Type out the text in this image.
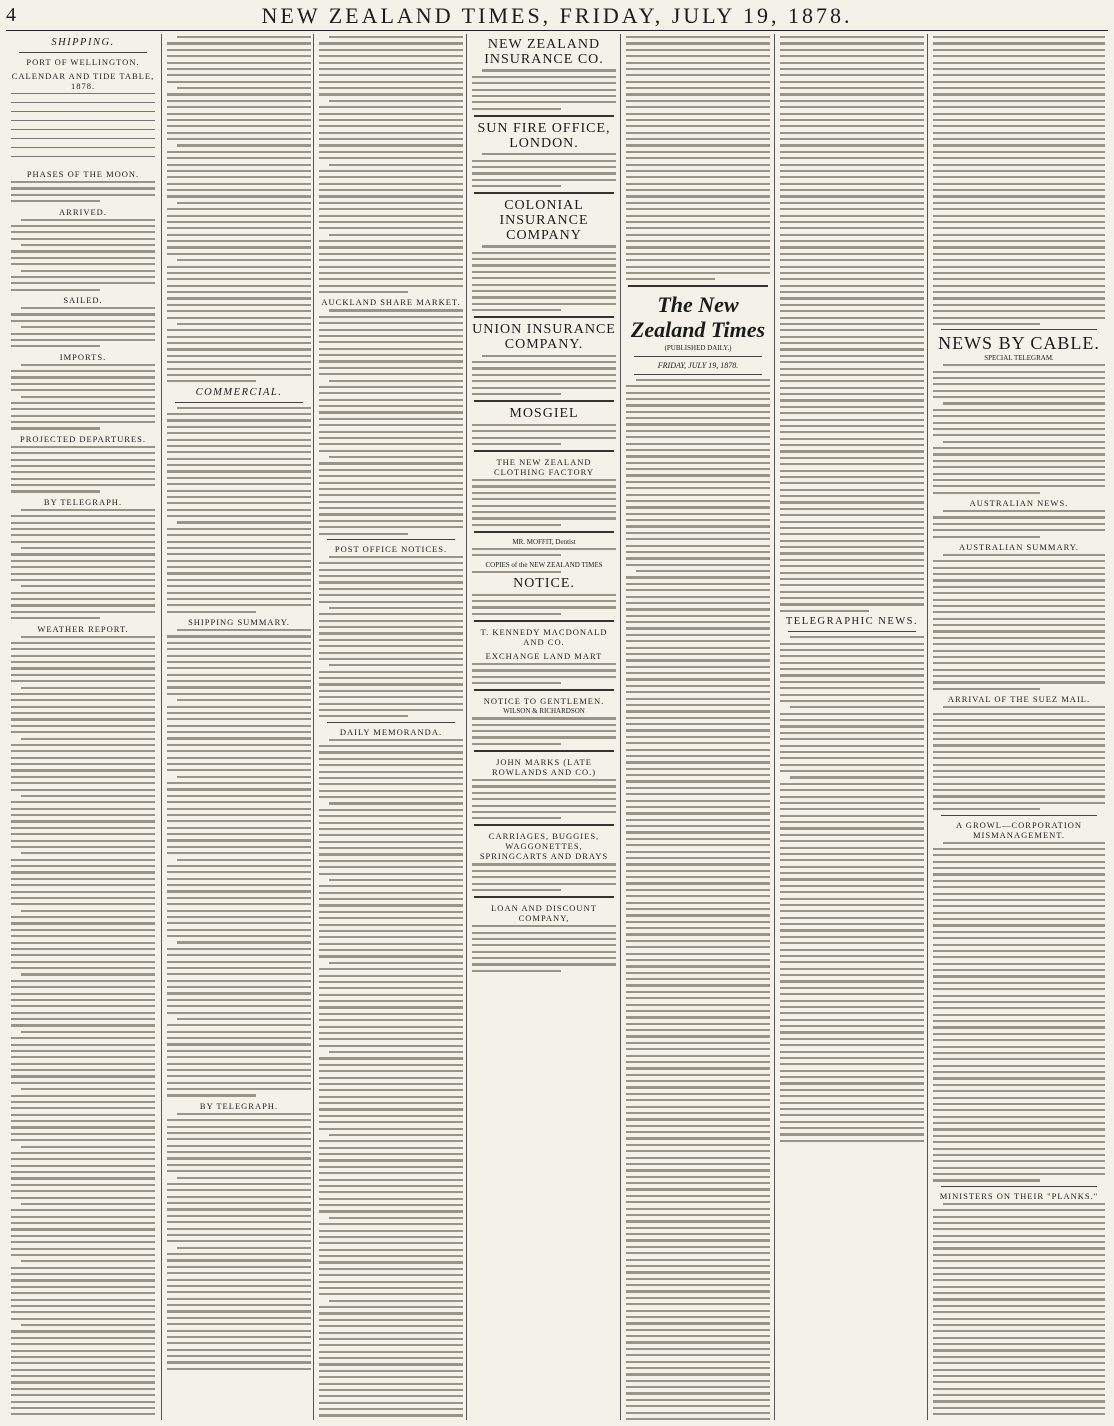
4	NEW ZEALAND TIMES, FRIDAY, JULY 19, 1878.
SHIPPING.
PORT OF WELLINGTON.
CALENDAR AND TIDE TABLE, 1878.

PHASES OF THE MOON.
ARRIVED.
SAILED.
IMPORTS.
PROJECTED DEPARTURES.
BY TELEGRAPH.
WEATHER REPORT.
COMMERCIAL.
SHIPPING SUMMARY.
BY TELEGRAPH.
AUCKLAND SHARE MARKET.
POST OFFICE NOTICES.
DAILY MEMORANDA.
NEW ZEALAND INSURANCE CO.
SUN FIRE OFFICE, LONDON.
COLONIAL INSURANCE COMPANY
UNION INSURANCE COMPANY.
MOSGIEL
THE NEW ZEALAND CLOTHING FACTORY
MR. MOFFIT, Dentist
COPIES of the NEW ZEALAND TIMES
NOTICE.
T. KENNEDY MACDONALD AND CO.
EXCHANGE LAND MART
NOTICE TO GENTLEMEN.
WILSON & RICHARDSON
JOHN MARKS (LATE ROWLANDS AND CO.)
CARRIAGES, BUGGIES, WAGGONETTES, SPRINGCARTS AND DRAYS
LOAN AND DISCOUNT COMPANY,
The New Zealand Times
(PUBLISHED DAILY.)
FRIDAY, JULY 19, 1878.
TELEGRAPHIC NEWS.
NEWS BY CABLE.
SPECIAL TELEGRAM.
AUSTRALIAN NEWS.
AUSTRALIAN SUMMARY.
ARRIVAL OF THE SUEZ MAIL.
A GROWL—CORPORATION MISMANAGEMENT.
MINISTERS ON THEIR "PLANKS."
